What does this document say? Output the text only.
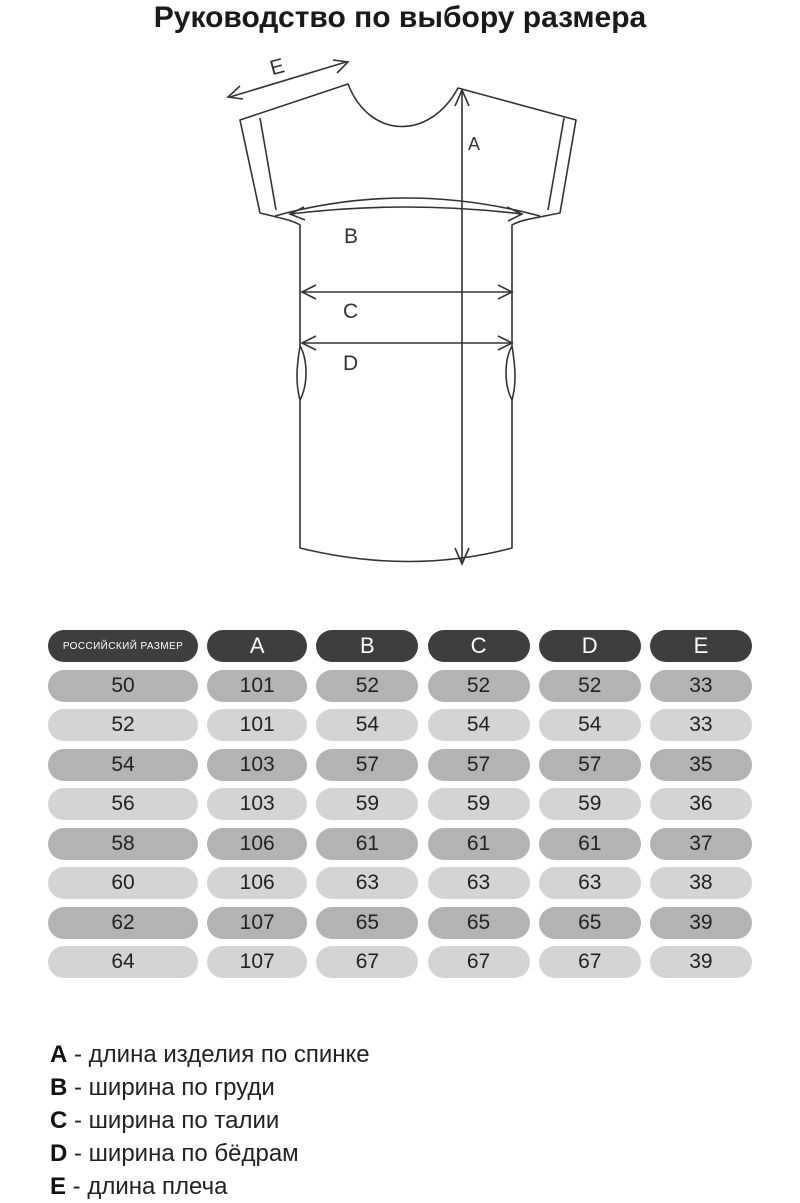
Руководство по выбору размера
E
A
B
C
D
РОССИЙСКИЙ РАЗМЕР	A	B	C	D	E
50	101	52	52	52	33
52	101	54	54	54	33
54	103	57	57	57	35
56	103	59	59	59	36
58	106	61	61	61	37
60	106	63	63	63	38
62	107	65	65	65	39
64	107	67	67	67	39
A - длина изделия по спинке
B - ширина по груди
C - ширина по талии
D - ширина по бёдрам
E - длина плеча
